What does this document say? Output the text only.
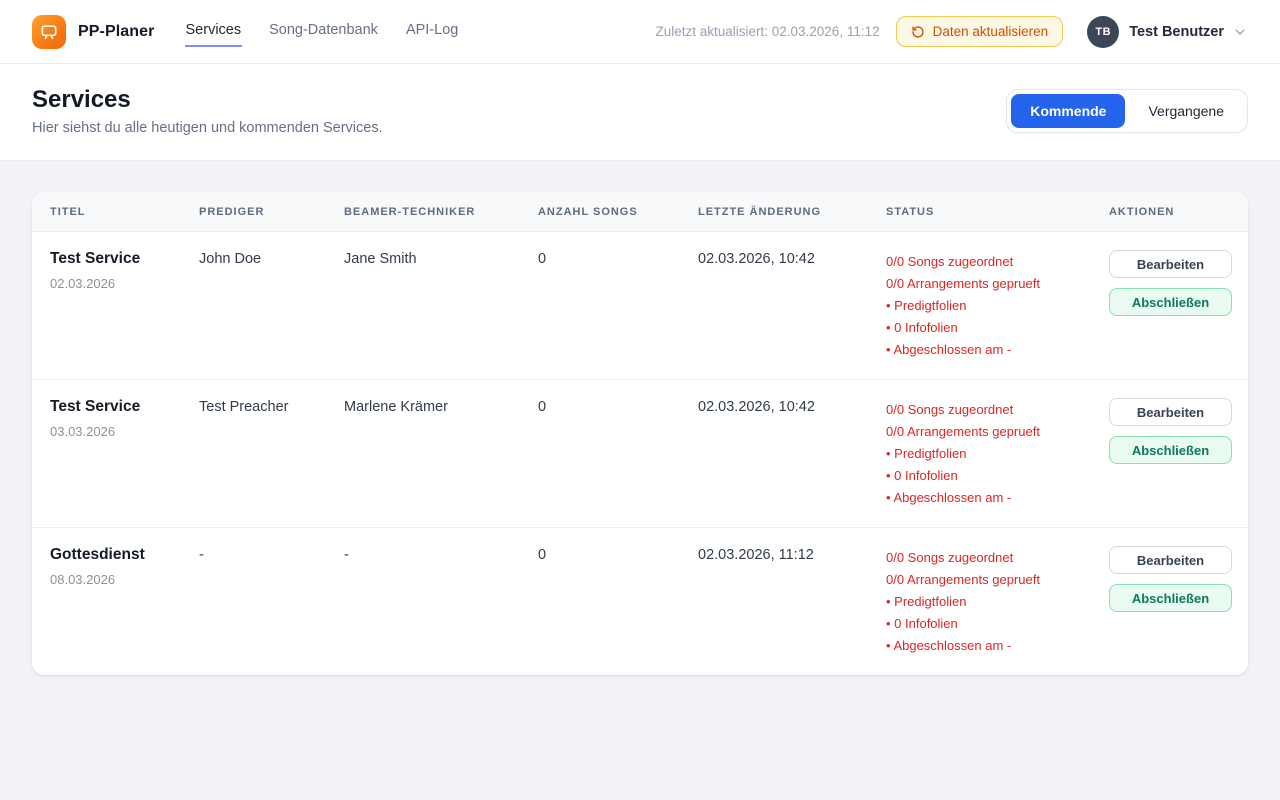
PP-Planer Services Song-Datenbank API-Log	Zuletzt aktualisiert: 02.03.2026, 11:12	Daten aktualisieren	TB	Test Benutzer
Services
Hier siehst du alle heutigen und kommenden Services.
Kommende	Vergangene
TITEL	PREDIGER	BEAMER-TECHNIKER	ANZAHL SONGS	LETZTE ÄNDERUNG	STATUS	AKTIONEN
Test Service
02.03.2026
John Doe	Jane Smith	0	02.03.2026, 10:42	0/0 Songs zugeordnet
0/0 Arrangements geprueft
• Predigtfolien
• 0 Infofolien
• Abgeschlossen am -
Bearbeiten
Abschließen
Test Service
03.03.2026
Test Preacher	Marlene Krämer	0	02.03.2026, 10:42	0/0 Songs zugeordnet
0/0 Arrangements geprueft
• Predigtfolien
• 0 Infofolien
• Abgeschlossen am -
Bearbeiten
Abschließen
Gottesdienst
08.03.2026
-	-	0	02.03.2026, 11:12	0/0 Songs zugeordnet
0/0 Arrangements geprueft
• Predigtfolien
• 0 Infofolien
• Abgeschlossen am -
Bearbeiten
Abschließen
